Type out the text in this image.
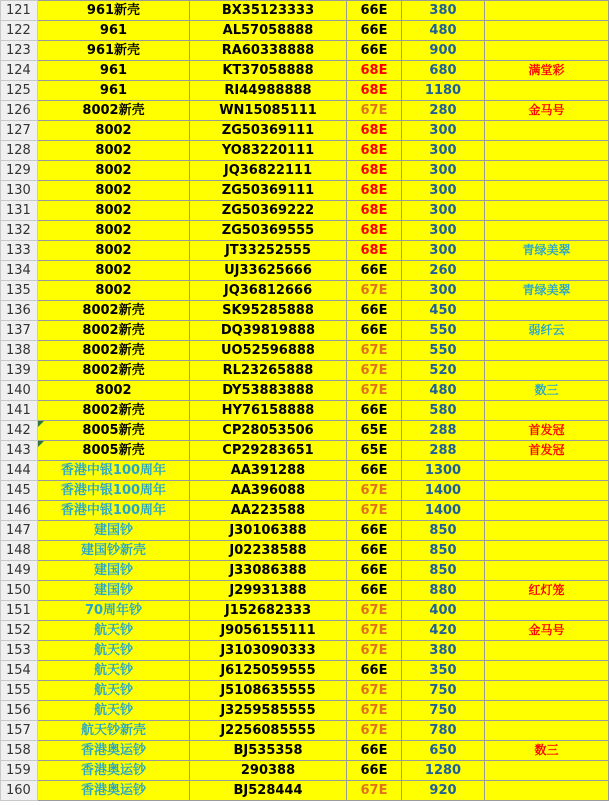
121	961新壳	BX35123333	66E	380	
122	961	AL57058888	66E	480	
123	961新壳	RA60338888	66E	900	
124	961	KT37058888	68E	680	满堂彩
125	961	RI44988888	68E	1180	
126	8002新壳	WN15085111	67E	280	金马号
127	8002	ZG50369111	68E	300	
128	8002	YO83220111	68E	300	
129	8002	JQ36822111	68E	300	
130	8002	ZG50369111	68E	300	
131	8002	ZG50369222	68E	300	
132	8002	ZG50369555	68E	300	
133	8002	JT33252555	68E	300	青绿美翠
134	8002	UJ33625666	66E	260	
135	8002	JQ36812666	67E	300	青绿美翠
136	8002新壳	SK95285888	66E	450	
137	8002新壳	DQ39819888	66E	550	弱纤云
138	8002新壳	UO52596888	67E	550	
139	8002新壳	RL23265888	67E	520	
140	8002	DY53883888	67E	480	数三
141	8002新壳	HY76158888	66E	580	
142	8005新壳	CP28053506	65E	288	首发冠
143	8005新壳	CP29283651	65E	288	首发冠
144	香港中银100周年	AA391288	66E	1300	
145	香港中银100周年	AA396088	67E	1400	
146	香港中银100周年	AA223588	67E	1400	
147	建国钞	J30106388	66E	850	
148	建国钞新壳	J02238588	66E	850	
149	建国钞	J33086388	66E	850	
150	建国钞	J29931388	66E	880	红灯笼
151	70周年钞	J152682333	67E	400	
152	航天钞	J9056155111	67E	420	金马号
153	航天钞	J3103090333	67E	380	
154	航天钞	J6125059555	66E	350	
155	航天钞	J5108635555	67E	750	
156	航天钞	J3259585555	67E	750	
157	航天钞新壳	J2256085555	67E	780	
158	香港奥运钞	BJ535358	66E	650	数三
159	香港奥运钞	290388	66E	1280	
160	香港奥运钞	BJ528444	67E	920	
